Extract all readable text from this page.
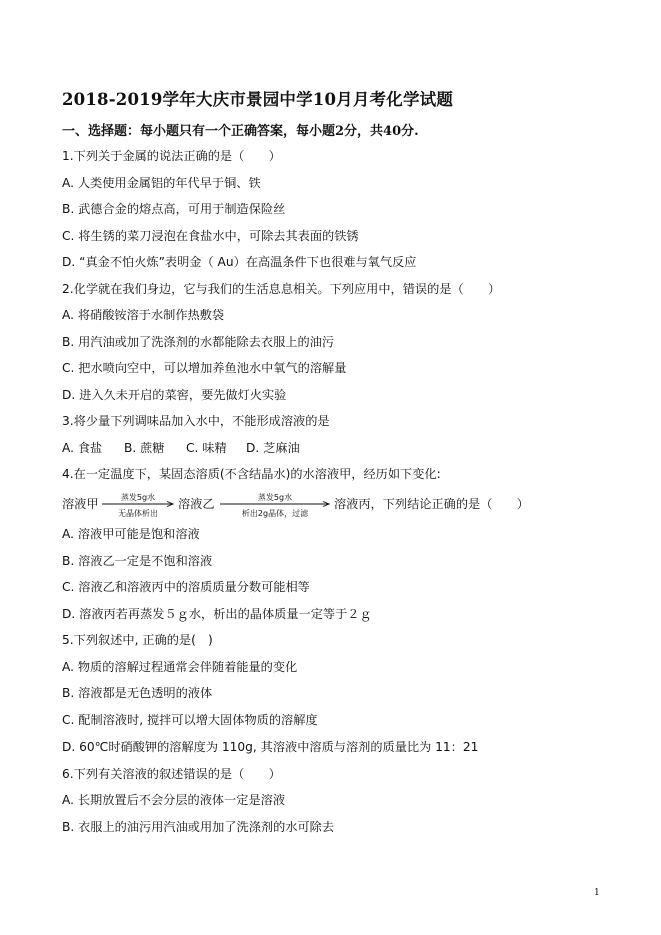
2018-2019学年大庆市景园中学10月月考化学试题
一、选择题：每小题只有一个正确答案，每小题2分，共40分.
1.下列关于金属的说法正确的是（　　）
A. 人类使用金属铝的年代早于铜、铁
B. 武德合金的熔点高，可用于制造保险丝
C. 将生锈的菜刀浸泡在食盐水中，可除去其表面的铁锈
D. “真金不怕火炼”表明金（ Au）在高温条件下也很难与氧气反应
2.化学就在我们身边，它与我们的生活息息相关。下列应用中，错误的是（　　）
A. 将硝酸铵溶于水制作热敷袋
B. 用汽油或加了洗涤剂的水都能除去衣服上的油污
C. 把水喷向空中，可以增加养鱼池水中氧气的溶解量
D. 进入久未开启的菜窖，要先做灯火实验
3.将少量下列调味品加入水中，不能形成溶液的是
A. 食盐 B. 蔗糖 C. 味精 D. 芝麻油
4.在一定温度下，某固态溶质(不含结晶水)的水溶液甲，经历如下变化:
溶液甲	蒸发5g水
无晶体析出
溶液乙	蒸发5g水
析出2g晶体，过滤
溶液丙，下列结论正确的是（　　）
A. 溶液甲可能是饱和溶液
B. 溶液乙一定是不饱和溶液
C. 溶液乙和溶液丙中的溶质质量分数可能相等
D. 溶液丙若再蒸发５ｇ水，析出的晶体质量一定等于２ｇ
5.下列叙述中, 正确的是(　)
A. 物质的溶解过程通常会伴随着能量的变化
B. 溶液都是无色透明的液体
C. 配制溶液时, 搅拌可以增大固体物质的溶解度
D. 60℃时硝酸钾的溶解度为 110g, 其溶液中溶质与溶剂的质量比为 11：21
6.下列有关溶液的叙述错误的是（　　）
A. 长期放置后不会分层的液体一定是溶液
B. 衣服上的油污用汽油或用加了洗涤剂的水可除去
1
